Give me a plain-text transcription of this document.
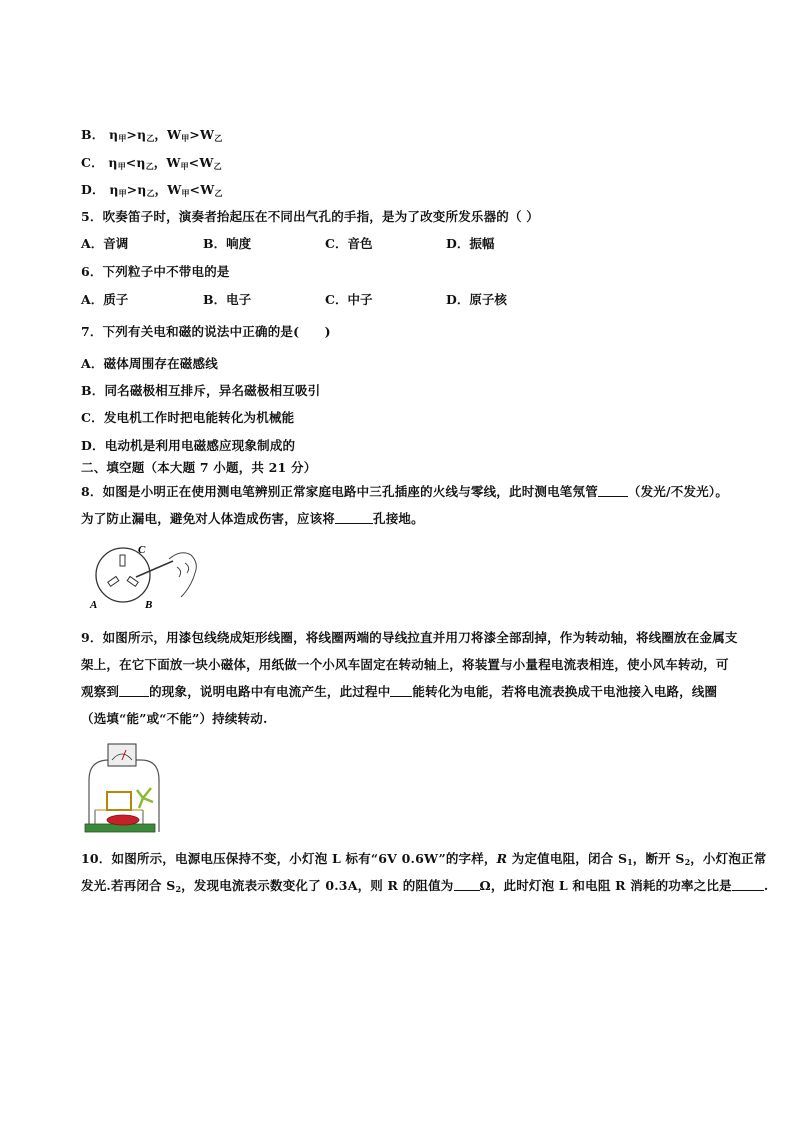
B． $\eta_甲>\eta_乙$，$W_甲>W_乙$
C． $\eta_甲<\eta_乙$，$W_甲<W_乙$
D． $\eta_甲>\eta_乙$，$W_甲<W_乙$
5．吹奏笛子时，演奏者抬起压在不同出气孔的手指，是为了改变所发乐器的（ ）
A．音调	B．响度	C．音色	D．振幅
6．下列粒子中不带电的是
A．质子	B．电子	C．中子	D．原子核
7．下列有关电和磁的说法中正确的是(　　)
A．磁体周围存在磁感线
B．同名磁极相互排斥，异名磁极相互吸引
C．发电机工作时把电能转化为机械能
D．电动机是利用电磁感应现象制成的
二、填空题（本大题 7 小题，共 21 分）
8．如图是小明正在使用测电笔辨别正常家庭电路中三孔插座的火线与零线，此时测电笔氖管 （发光/不发光）。
为了防止漏电，避免对人体造成伤害，应该将	孔接地。
C
A	B
9．如图所示，用漆包线绕成矩形线圈，将线圈两端的导线拉直并用刀将漆全部刮掉，作为转动轴，将线圈放在金属支
架上，在它下面放一块小磁体，用纸做一个小风车固定在转动轴上，将装置与小量程电流表相连，使小风车转动，可
观察到 的现象，说明电路中有电流产生，此过程中 能转化为电能，若将电流表换成干电池接入电路，线圈
（选填“能”或“不能”）持续转动.
10．如图所示，电源电压保持不变，小灯泡 L 标有“6V 0.6W”的字样，R 为定值电阻，闭合 $S_1$，断开 $S_2$，小灯泡正常
发光.若再闭合 $S_2$，发现电流表示数变化了 0.3A，则 R 的阻值为 Ω，此时灯泡 L 和电阻 R 消耗的功率之比是	.
